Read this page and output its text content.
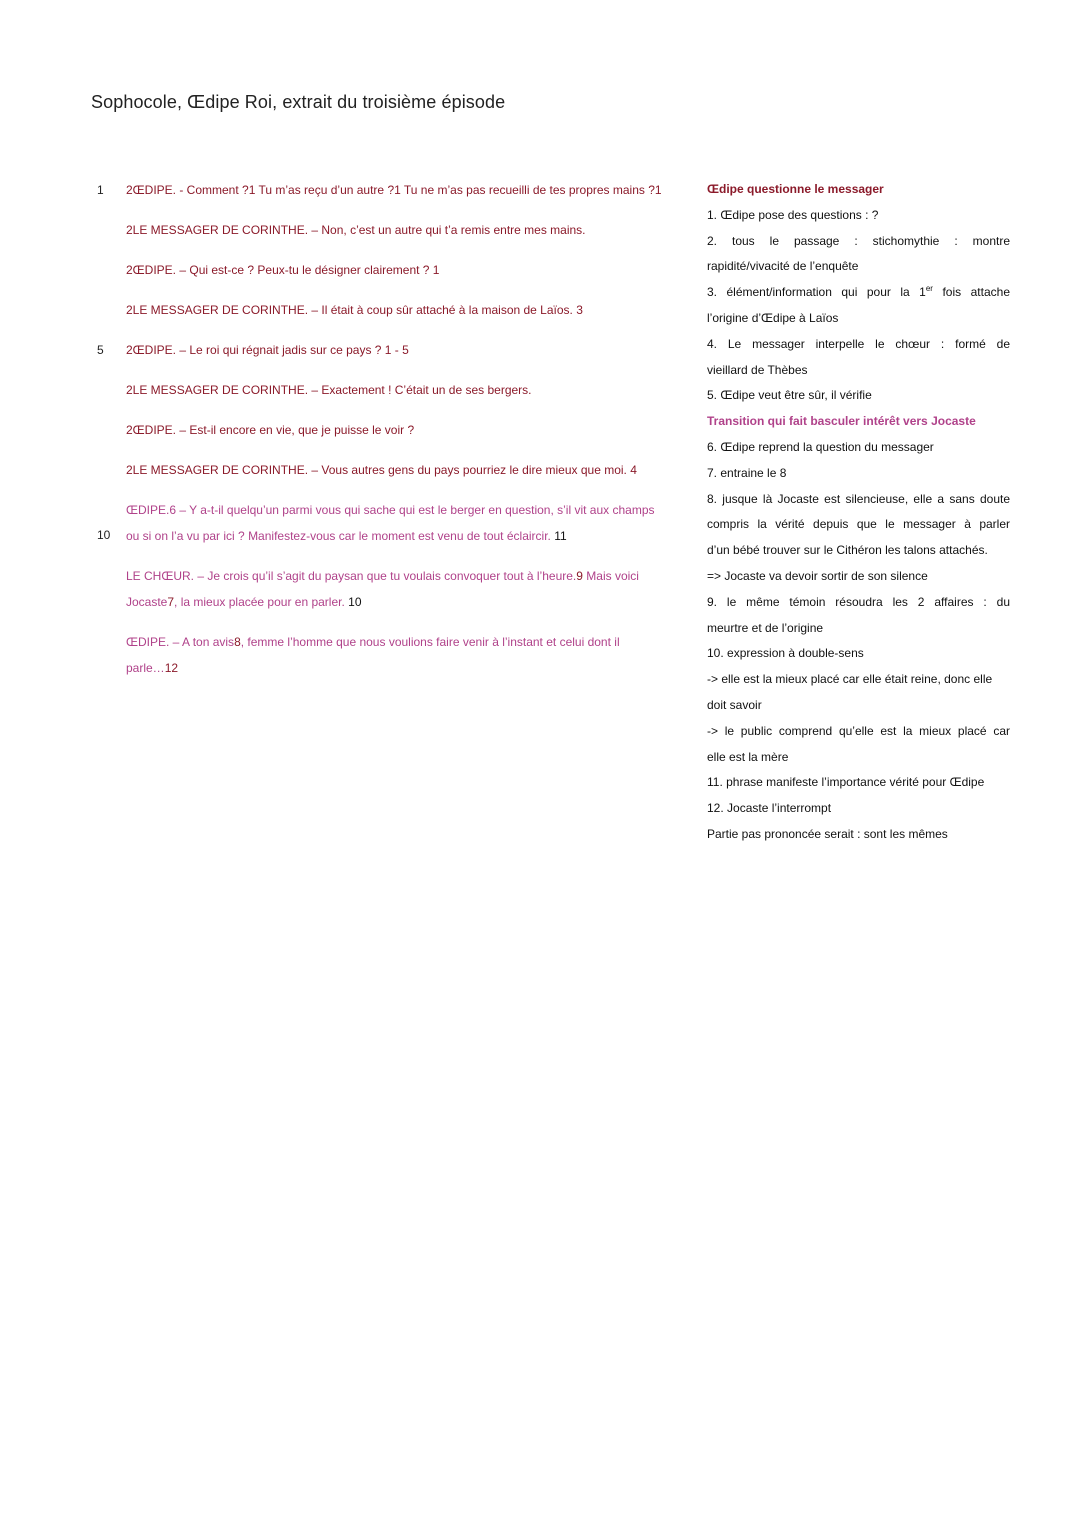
Sophocole, Œdipe Roi, extrait du troisième épisode
1
5
10
2ŒDIPE. - Comment ?1 Tu m’as reçu d’un autre ?1 Tu ne m’as pas recueilli de tes propres mains ?1
2LE MESSAGER DE CORINTHE. – Non, c’est un autre qui t’a remis entre mes mains.
2ŒDIPE. – Qui est-ce ? Peux-tu le désigner clairement ? 1
2LE MESSAGER DE CORINTHE. – Il était à coup sûr attaché à la maison de Laïos. 3
2ŒDIPE. – Le roi qui régnait jadis sur ce pays ? 1 - 5
2LE MESSAGER DE CORINTHE. – Exactement ! C’était un de ses bergers.
2ŒDIPE. – Est-il encore en vie, que je puisse le voir ?
2LE MESSAGER DE CORINTHE. – Vous autres gens du pays pourriez le dire mieux que moi. 4
ŒDIPE.6 – Y a-t-il quelqu’un parmi vous qui sache qui est le berger en question, s’il vit aux champs
ou si on l’a vu par ici ? Manifestez-vous car le moment est venu de tout éclaircir. 11
LE CHŒUR. – Je crois qu’il s’agit du paysan que tu voulais convoquer tout à l’heure.9 Mais voici
Jocaste7, la mieux placée pour en parler. 10
ŒDIPE. – A ton avis8, femme l’homme que nous voulions faire venir à l’instant et celui dont il
parle…12
Œdipe questionne le messager
1. Œdipe pose des questions : ?
2. tous le passage : stichomythie : montre
rapidité/vivacité de l’enquête
3. élément/information qui pour la 1er fois attache
l’origine d’Œdipe à Laïos
4. Le messager interpelle le chœur : formé de
vieillard de Thèbes
5. Œdipe veut être sûr, il vérifie
Transition qui fait basculer intérêt vers Jocaste
6. Œdipe reprend la question du messager
7. entraine le 8
8. jusque là Jocaste est silencieuse, elle a sans doute
compris la vérité depuis que le messager à parler
d’un bébé trouver sur le Cithéron les talons attachés.
=> Jocaste va devoir sortir de son silence
9. le même témoin résoudra les 2 affaires : du
meurtre et de l’origine
10. expression à double-sens
-> elle est la mieux placé car elle était reine, donc elle
doit savoir
-> le public comprend qu’elle est la mieux placé car
elle est la mère
11. phrase manifeste l’importance vérité pour Œdipe
12. Jocaste l’interrompt
Partie pas prononcée serait : sont les mêmes
